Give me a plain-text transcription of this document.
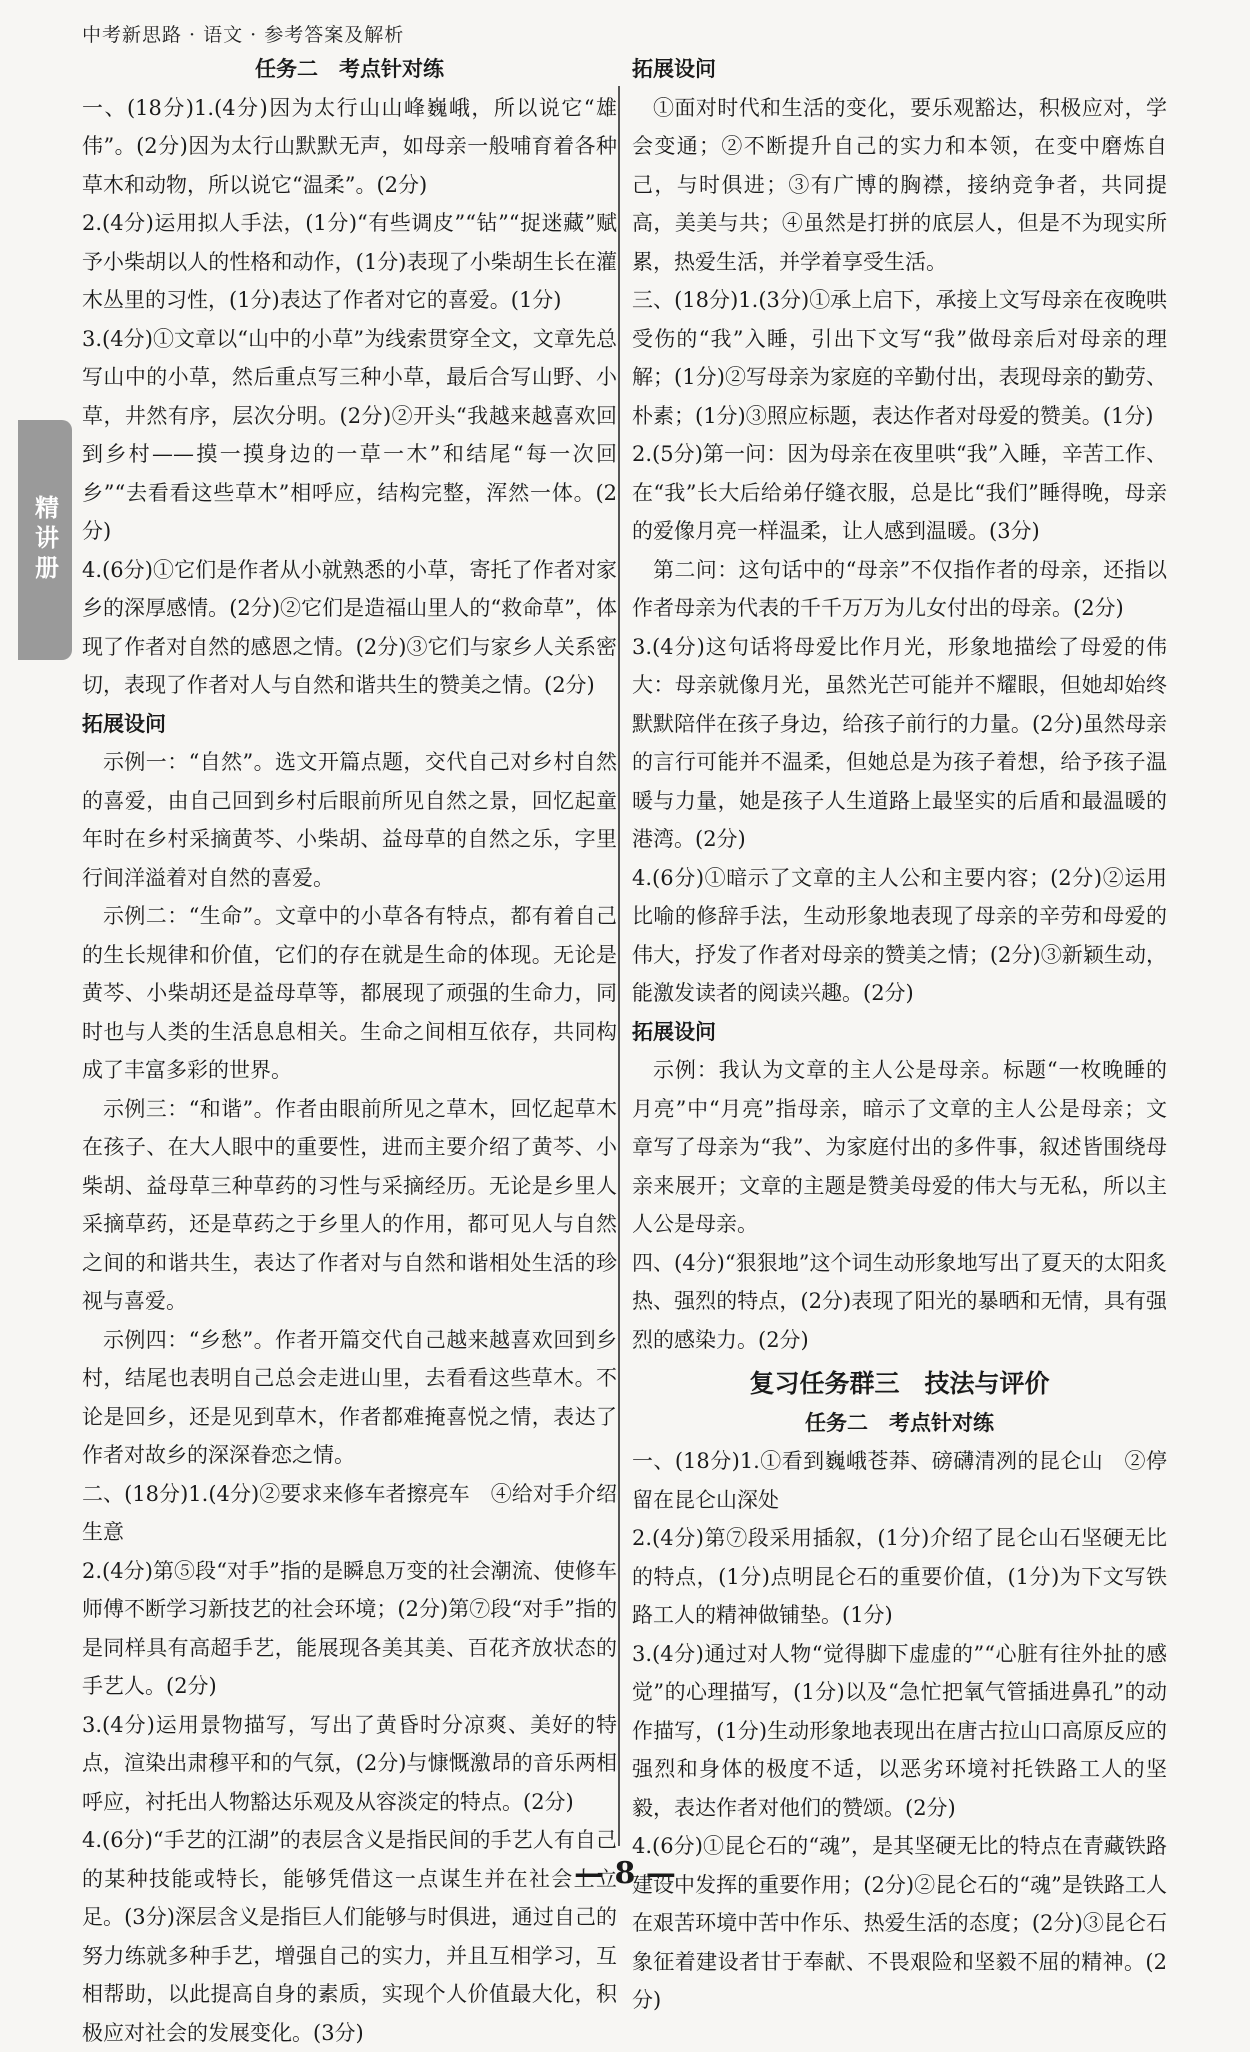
中考新思路 · 语文 · 参考答案及解析
精讲册
任务二　考点针对练

一、(18分)1.(4分)因为太行山山峰巍峨，所以说它“雄伟”。(2分)因为太行山默默无声，如母亲一般哺育着各种草木和动物，所以说它“温柔”。(2分)

2.(4分)运用拟人手法，(1分)“有些调皮”“钻”“捉迷藏”赋予小柴胡以人的性格和动作，(1分)表现了小柴胡生长在灌木丛里的习性，(1分)表达了作者对它的喜爱。(1分)

3.(4分)①文章以“山中的小草”为线索贯穿全文，文章先总写山中的小草，然后重点写三种小草，最后合写山野、小草，井然有序，层次分明。(2分)②开头“我越来越喜欢回到乡村——摸一摸身边的一草一木”和结尾“每一次回乡”“去看看这些草木”相呼应，结构完整，浑然一体。(2分)

4.(6分)①它们是作者从小就熟悉的小草，寄托了作者对家乡的深厚感情。(2分)②它们是造福山里人的“救命草”，体现了作者对自然的感恩之情。(2分)③它们与家乡人关系密切，表现了作者对人与自然和谐共生的赞美之情。(2分)

拓展设问

示例一：“自然”。选文开篇点题，交代自己对乡村自然的喜爱，由自己回到乡村后眼前所见自然之景，回忆起童年时在乡村采摘黄芩、小柴胡、益母草的自然之乐，字里行间洋溢着对自然的喜爱。

示例二：“生命”。文章中的小草各有特点，都有着自己的生长规律和价值，它们的存在就是生命的体现。无论是黄芩、小柴胡还是益母草等，都展现了顽强的生命力，同时也与人类的生活息息相关。生命之间相互依存，共同构成了丰富多彩的世界。

示例三：“和谐”。作者由眼前所见之草木，回忆起草木在孩子、在大人眼中的重要性，进而主要介绍了黄芩、小柴胡、益母草三种草药的习性与采摘经历。无论是乡里人采摘草药，还是草药之于乡里人的作用，都可见人与自然之间的和谐共生，表达了作者对与自然和谐相处生活的珍视与喜爱。

示例四：“乡愁”。作者开篇交代自己越来越喜欢回到乡村，结尾也表明自己总会走进山里，去看看这些草木。不论是回乡，还是见到草木，作者都难掩喜悦之情，表达了作者对故乡的深深眷恋之情。

二、(18分)1.(4分)②要求来修车者擦亮车　④给对手介绍生意

2.(4分)第⑤段“对手”指的是瞬息万变的社会潮流、使修车师傅不断学习新技艺的社会环境；(2分)第⑦段“对手”指的是同样具有高超手艺，能展现各美其美、百花齐放状态的手艺人。(2分)

3.(4分)运用景物描写，写出了黄昏时分凉爽、美好的特点，渲染出肃穆平和的气氛，(2分)与慷慨激昂的音乐两相呼应，衬托出人物豁达乐观及从容淡定的特点。(2分)

4.(6分)“手艺的江湖”的表层含义是指民间的手艺人有自己的某种技能或特长，能够凭借这一点谋生并在社会上立足。(3分)深层含义是指巨人们能够与时俱进，通过自己的努力练就多种手艺，增强自己的实力，并且互相学习，互相帮助，以此提高自身的素质，实现个人价值最大化，积极应对社会的发展变化。(3分)

拓展设问

①面对时代和生活的变化，要乐观豁达，积极应对，学会变通；②不断提升自己的实力和本领，在变中磨炼自己，与时俱进；③有广博的胸襟，接纳竞争者，共同提高，美美与共；④虽然是打拼的底层人，但是不为现实所累，热爱生活，并学着享受生活。

三、(18分)1.(3分)①承上启下，承接上文写母亲在夜晚哄受伤的“我”入睡，引出下文写“我”做母亲后对母亲的理解；(1分)②写母亲为家庭的辛勤付出，表现母亲的勤劳、朴素；(1分)③照应标题，表达作者对母爱的赞美。(1分)

2.(5分)第一问：因为母亲在夜里哄“我”入睡，辛苦工作、在“我”长大后给弟仔缝衣服，总是比“我们”睡得晚，母亲的爱像月亮一样温柔，让人感到温暖。(3分)

第二问：这句话中的“母亲”不仅指作者的母亲，还指以作者母亲为代表的千千万万为儿女付出的母亲。(2分)

3.(4分)这句话将母爱比作月光，形象地描绘了母爱的伟大：母亲就像月光，虽然光芒可能并不耀眼，但她却始终默默陪伴在孩子身边，给孩子前行的力量。(2分)虽然母亲的言行可能并不温柔，但她总是为孩子着想，给予孩子温暖与力量，她是孩子人生道路上最坚实的后盾和最温暖的港湾。(2分)

4.(6分)①暗示了文章的主人公和主要内容；(2分)②运用比喻的修辞手法，生动形象地表现了母亲的辛劳和母爱的伟大，抒发了作者对母亲的赞美之情；(2分)③新颖生动，能激发读者的阅读兴趣。(2分)

拓展设问

示例：我认为文章的主人公是母亲。标题“一枚晚睡的月亮”中“月亮”指母亲，暗示了文章的主人公是母亲；文章写了母亲为“我”、为家庭付出的多件事，叙述皆围绕母亲来展开；文章的主题是赞美母爱的伟大与无私，所以主人公是母亲。

四、(4分)“狠狠地”这个词生动形象地写出了夏天的太阳炙热、强烈的特点，(2分)表现了阳光的暴晒和无情，具有强烈的感染力。(2分)

复习任务群三　技法与评价
任务二　考点针对练

一、(18分)1.①看到巍峨苍莽、磅礴清冽的昆仑山　②停留在昆仑山深处

2.(4分)第⑦段采用插叙，(1分)介绍了昆仑山石坚硬无比的特点，(1分)点明昆仑石的重要价值，(1分)为下文写铁路工人的精神做铺垫。(1分)

3.(4分)通过对人物“觉得脚下虚虚的”“心脏有往外扯的感觉”的心理描写，(1分)以及“急忙把氧气管插进鼻孔”的动作描写，(1分)生动形象地表现出在唐古拉山口高原反应的强烈和身体的极度不适，以恶劣环境衬托铁路工人的坚毅，表达作者对他们的赞颂。(2分)

4.(6分)①昆仑石的“魂”，是其坚硬无比的特点在青藏铁路建设中发挥的重要作用；(2分)②昆仑石的“魂”是铁路工人在艰苦环境中苦中作乐、热爱生活的态度；(2分)③昆仑石象征着建设者甘于奉献、不畏艰险和坚毅不屈的精神。(2分)

— 8 —
